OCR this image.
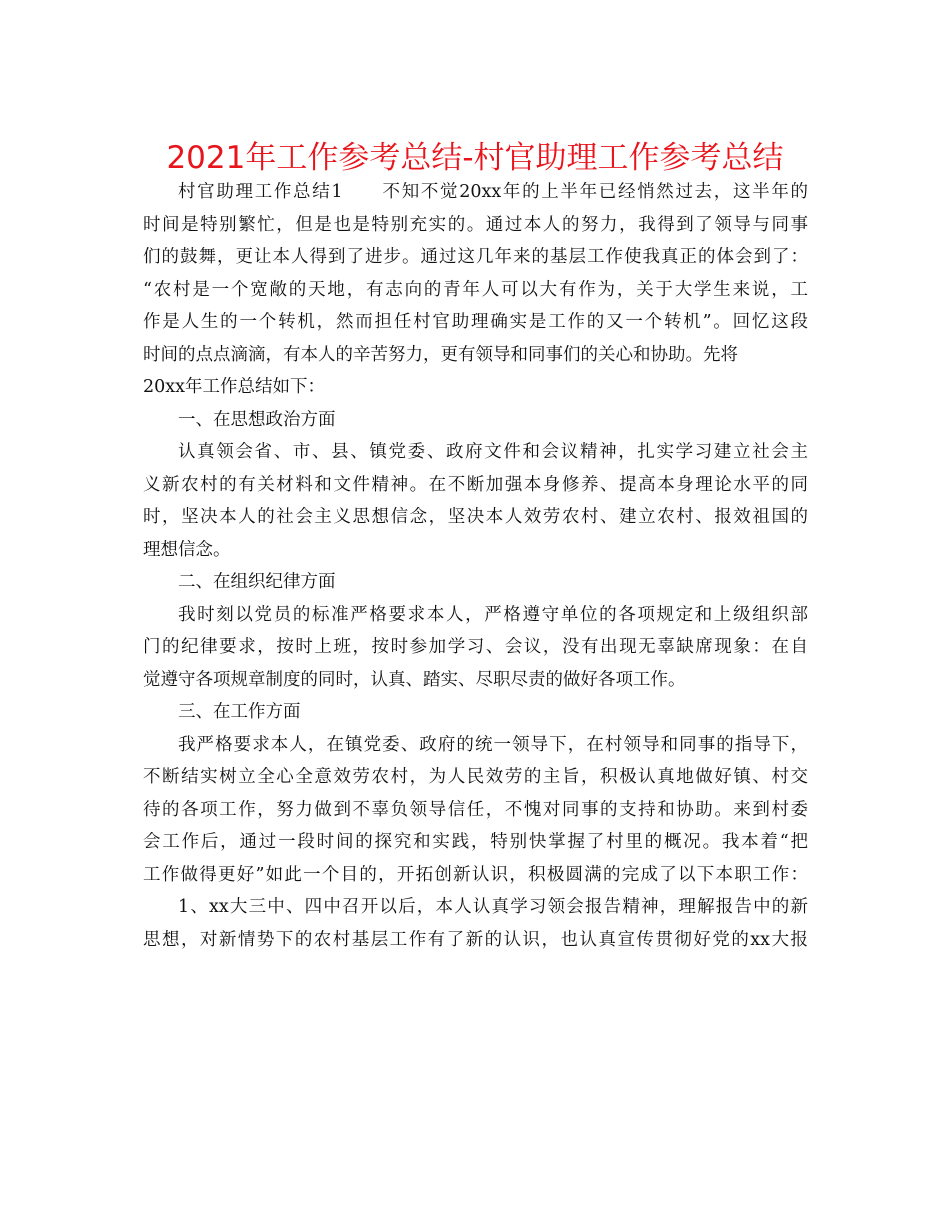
2021年工作参考总结-村官助理工作参考总结
村官助理工作总结1　　不知不觉20xx年的上半年已经悄然过去，这半年的
时间是特别繁忙，但是也是特别充实的。通过本人的努力，我得到了领导与同事
们的鼓舞，更让本人得到了进步。通过这几年来的基层工作使我真正的体会到了：
“农村是一个宽敞的天地，有志向的青年人可以大有作为，关于大学生来说，工
作是人生的一个转机，然而担任村官助理确实是工作的又一个转机”。回忆这段
时间的点点滴滴，有本人的辛苦努力，更有领导和同事们的关心和协助。先将
20xx年工作总结如下：
一、在思想政治方面
认真领会省、市、县、镇党委、政府文件和会议精神，扎实学习建立社会主
义新农村的有关材料和文件精神。在不断加强本身修养、提高本身理论水平的同
时，坚决本人的社会主义思想信念，坚决本人效劳农村、建立农村、报效祖国的
理想信念。
二、在组织纪律方面
我时刻以党员的标准严格要求本人，严格遵守单位的各项规定和上级组织部
门的纪律要求，按时上班，按时参加学习、会议，没有出现无辜缺席现象：在自
觉遵守各项规章制度的同时，认真、踏实、尽职尽责的做好各项工作。
三、在工作方面
我严格要求本人，在镇党委、政府的统一领导下，在村领导和同事的指导下，
不断结实树立全心全意效劳农村，为人民效劳的主旨，积极认真地做好镇、村交
待的各项工作，努力做到不辜负领导信任，不愧对同事的支持和协助。来到村委
会工作后，通过一段时间的探究和实践，特别快掌握了村里的概况。我本着“把
工作做得更好”如此一个目的，开拓创新认识，积极圆满的完成了以下本职工作：
1、xx大三中、四中召开以后，本人认真学习领会报告精神，理解报告中的新
思想，对新情势下的农村基层工作有了新的认识，也认真宣传贯彻好党的xx大报
